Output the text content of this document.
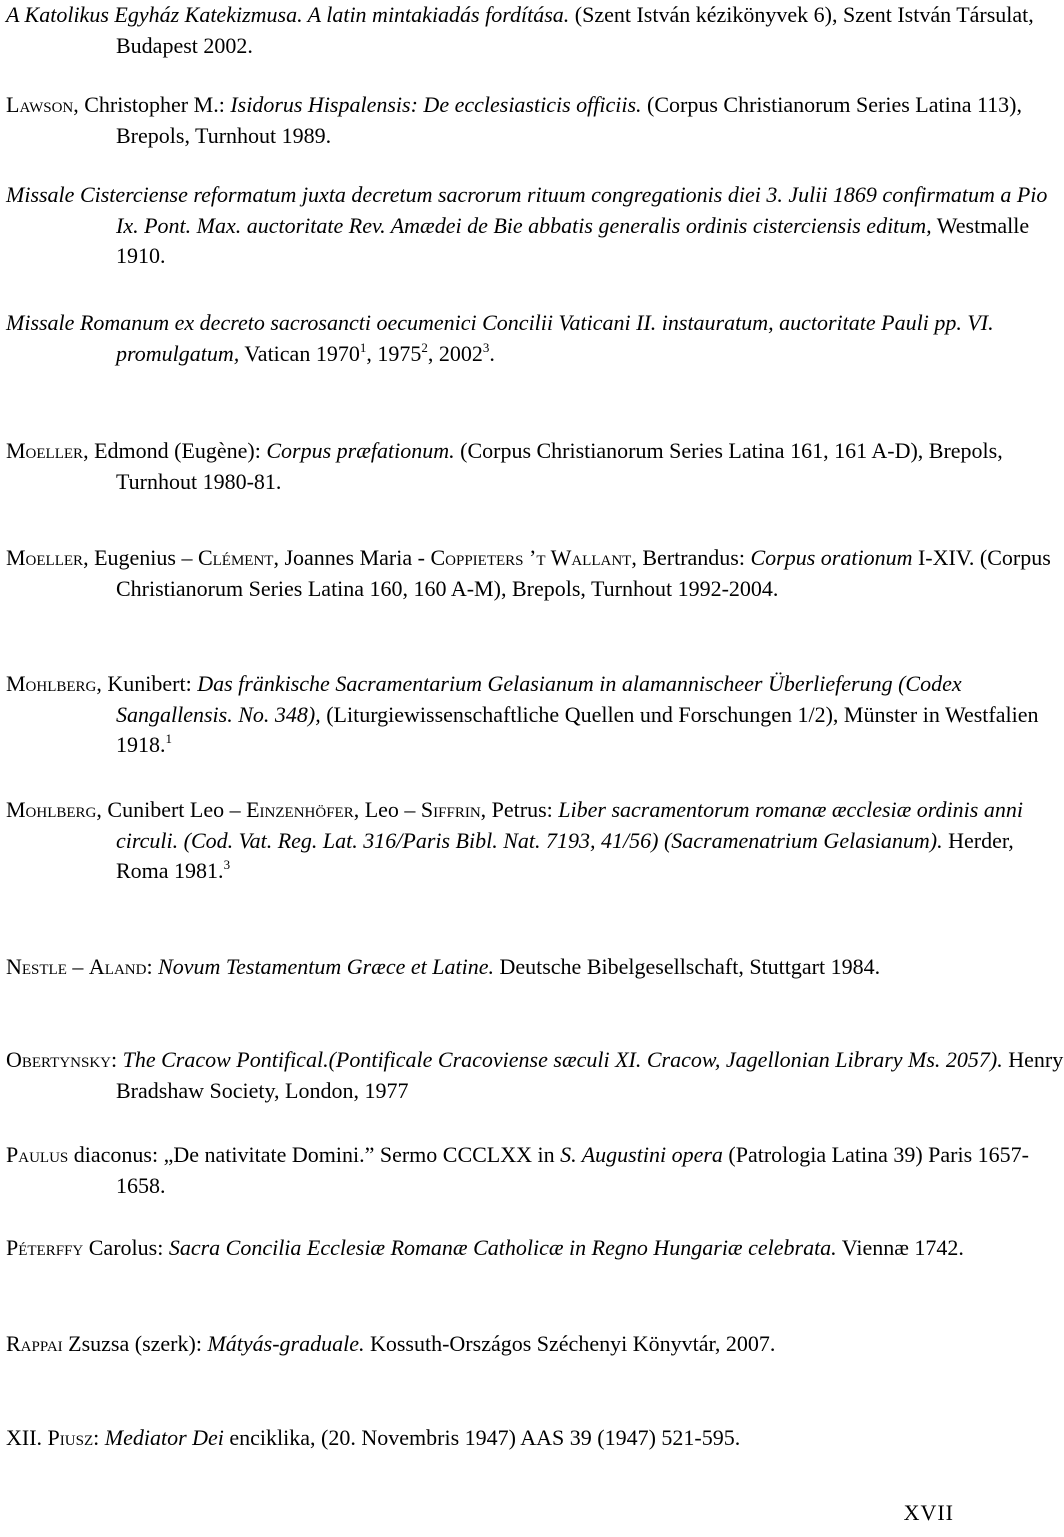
A Katolikus Egyház Katekizmusa. A latin mintakiadás fordítása. (Szent István kézikönyvek 6), Szent István Társulat, Budapest 2002.

Lawson, Christopher M.: Isidorus Hispalensis: De ecclesiasticis officiis. (Corpus Christianorum Series Latina 113), Brepols, Turnhout 1989.

Missale Cisterciense reformatum juxta decretum sacrorum rituum congregationis diei 3. Julii 1869 confirmatum a Pio Ix. Pont. Max. auctoritate Rev. Amædei de Bie abbatis generalis ordinis cisterciensis editum, Westmalle 1910.

Missale Romanum ex decreto sacrosancti oecumenici Concilii Vaticani II. instauratum, auctoritate Pauli pp. VI. promulgatum, Vatican 1970$^1$, 1975$^2$, 2002$^3$.

Moeller, Edmond (Eugène): Corpus præfationum. (Corpus Christianorum Series Latina 161, 161 A-D), Brepols, Turnhout 1980-81.

Moeller, Eugenius – Clément, Joannes Maria - Coppieters ’t Wallant, Bertrandus: Corpus orationum I-XIV. (Corpus Christianorum Series Latina 160, 160 A-M), Brepols, Turnhout 1992-2004.

Mohlberg, Kunibert: Das fränkische Sacramentarium Gelasianum in alamannischeer Überlieferung (Codex Sangallensis. No. 348), (Liturgiewissenschaftliche Quellen und Forschungen 1/2), Münster in Westfalien 1918.$^1$

Mohlberg, Cunibert Leo – Einzenhöfer, Leo – Siffrin, Petrus: Liber sacramentorum romanæ æcclesiæ ordinis anni circuli. (Cod. Vat. Reg. Lat. 316/Paris Bibl. Nat. 7193, 41/56) (Sacramenatrium Gelasianum). Herder, Roma 1981.$^3$

Nestle – Aland: Novum Testamentum Græce et Latine. Deutsche Bibelgesellschaft, Stuttgart 1984.

Obertynsky: The Cracow Pontifical.(Pontificale Cracoviense sæculi XI. Cracow, Jagellonian Library Ms. 2057). Henry Bradshaw Society, London, 1977

Paulus diaconus: „De nativitate Domini.” Sermo CCCLXX in S. Augustini opera (Patrologia Latina 39) Paris 1657-1658.

Péterffy Carolus: Sacra Concilia Ecclesiæ Romanæ Catholicæ in Regno Hungariæ celebrata. Viennæ 1742.

Rappai Zsuzsa (szerk): Mátyás-graduale. Kossuth-Országos Széchenyi Könyvtár, 2007.

XII. Piusz: Mediator Dei enciklika, (20. Novembris 1947) AAS 39 (1947) 521-595.

XVII
